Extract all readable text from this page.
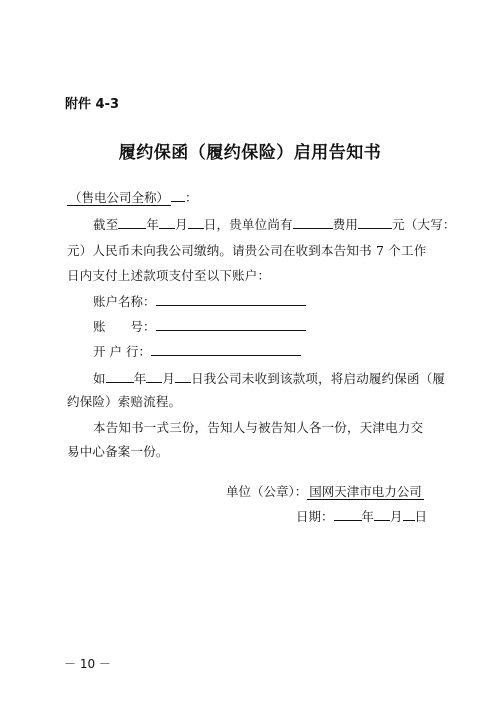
附件 4-3
履约保函（履约保险）启用告知书
（售电公司全称） ：
截至 年 月 日，贵单位尚有	费用	元（大写：
元）人民币未向我公司缴纳。请贵公司在收到本告知书 7 个工作
日内支付上述款项支付至以下账户：
账户名称：
账　　号：
开 户 行：
如 年 月 日我公司未收到该款项，将启动履约保函（履
约保险）索赔流程。
本告知书一式三份，告知人与被告知人各一份，天津电力交
易中心备案一份。
单位（公章）： 国网天津市电力公司
日期： 年 月 日
－ 10 －
